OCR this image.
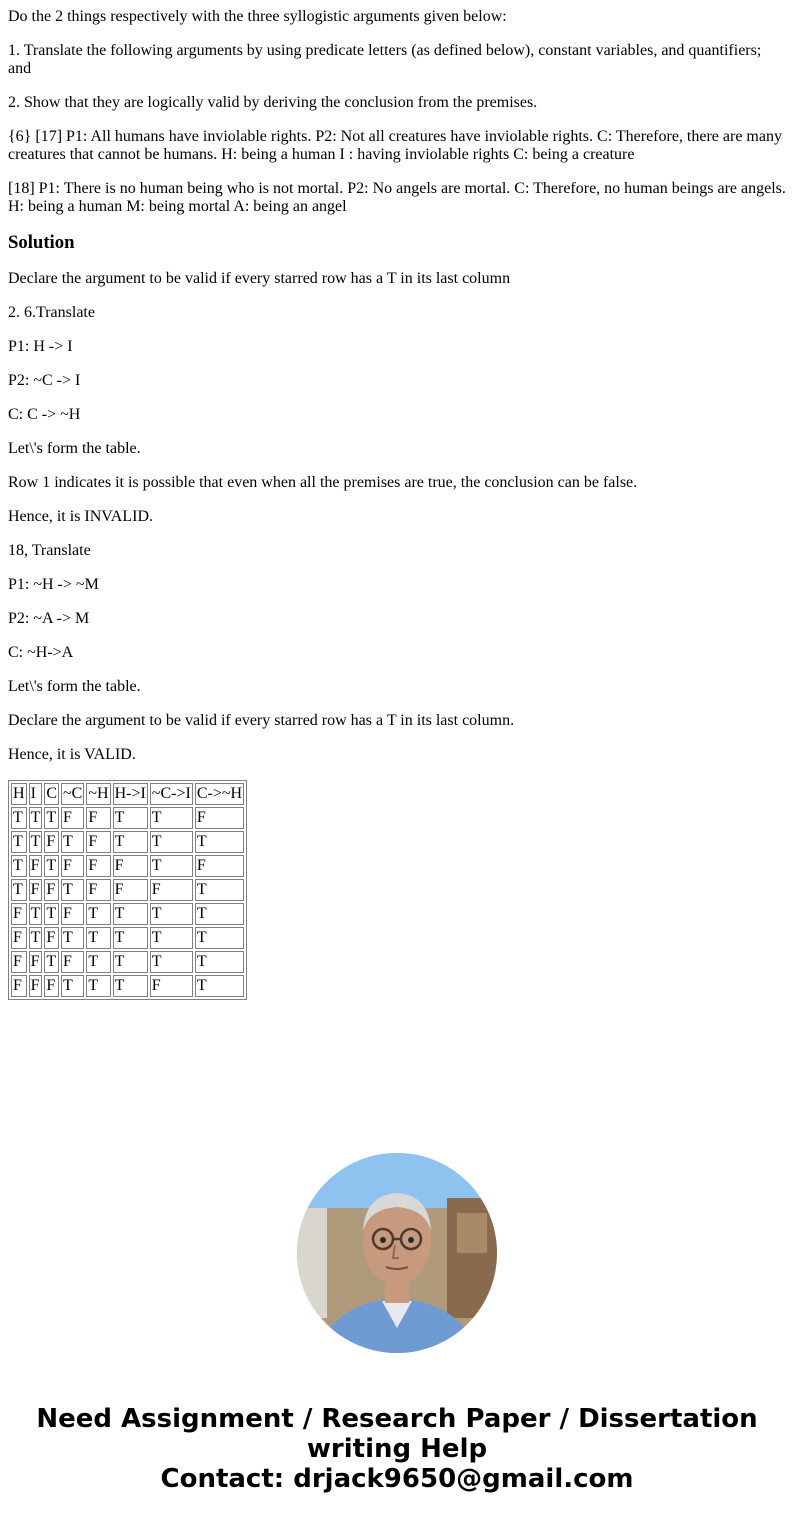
Do the 2 things respectively with the three syllogistic arguments given below:

1. Translate the following arguments by using predicate letters (as defined below), constant variables, and quantifiers; and

2. Show that they are logically valid by deriving the conclusion from the premises.

{6} [17] P1: All humans have inviolable rights. P2: Not all creatures have inviolable rights. C: Therefore, there are many creatures that cannot be humans. H: being a human I : having inviolable rights C: being a creature

[18] P1: There is no human being who is not mortal. P2: No angels are mortal. C: Therefore, no human beings are angels. H: being a human M: being mortal A: being an angel

Solution

Declare the argument to be valid if every starred row has a T in its last column

2. 6.Translate

P1: H -> I

P2: ~C -> I

C: C -> ~H

Let\'s form the table.

Row 1 indicates it is possible that even when all the premises are true, the conclusion can be false.

Hence, it is INVALID.

18, Translate

P1: ~H -> ~M

P2: ~A -> M

C: ~H->A

Let\'s form the table.

Declare the argument to be valid if every starred row has a T in its last column.

Hence, it is VALID.

H	I	C	~C	~H	H->I	~C->I	C->~H
T	T	T	F	F	T	T	F
T	T	F	T	F	T	T	T
T	F	T	F	F	F	T	F
T	F	F	T	F	F	F	T
F	T	T	F	T	T	T	T
F	T	F	T	T	T	T	T
F	F	T	F	T	T	T	T
F	F	F	T	T	T	F	T
Need Assignment / Research Paper / Dissertation
writing Help
Contact: drjack9650@gmail.com
